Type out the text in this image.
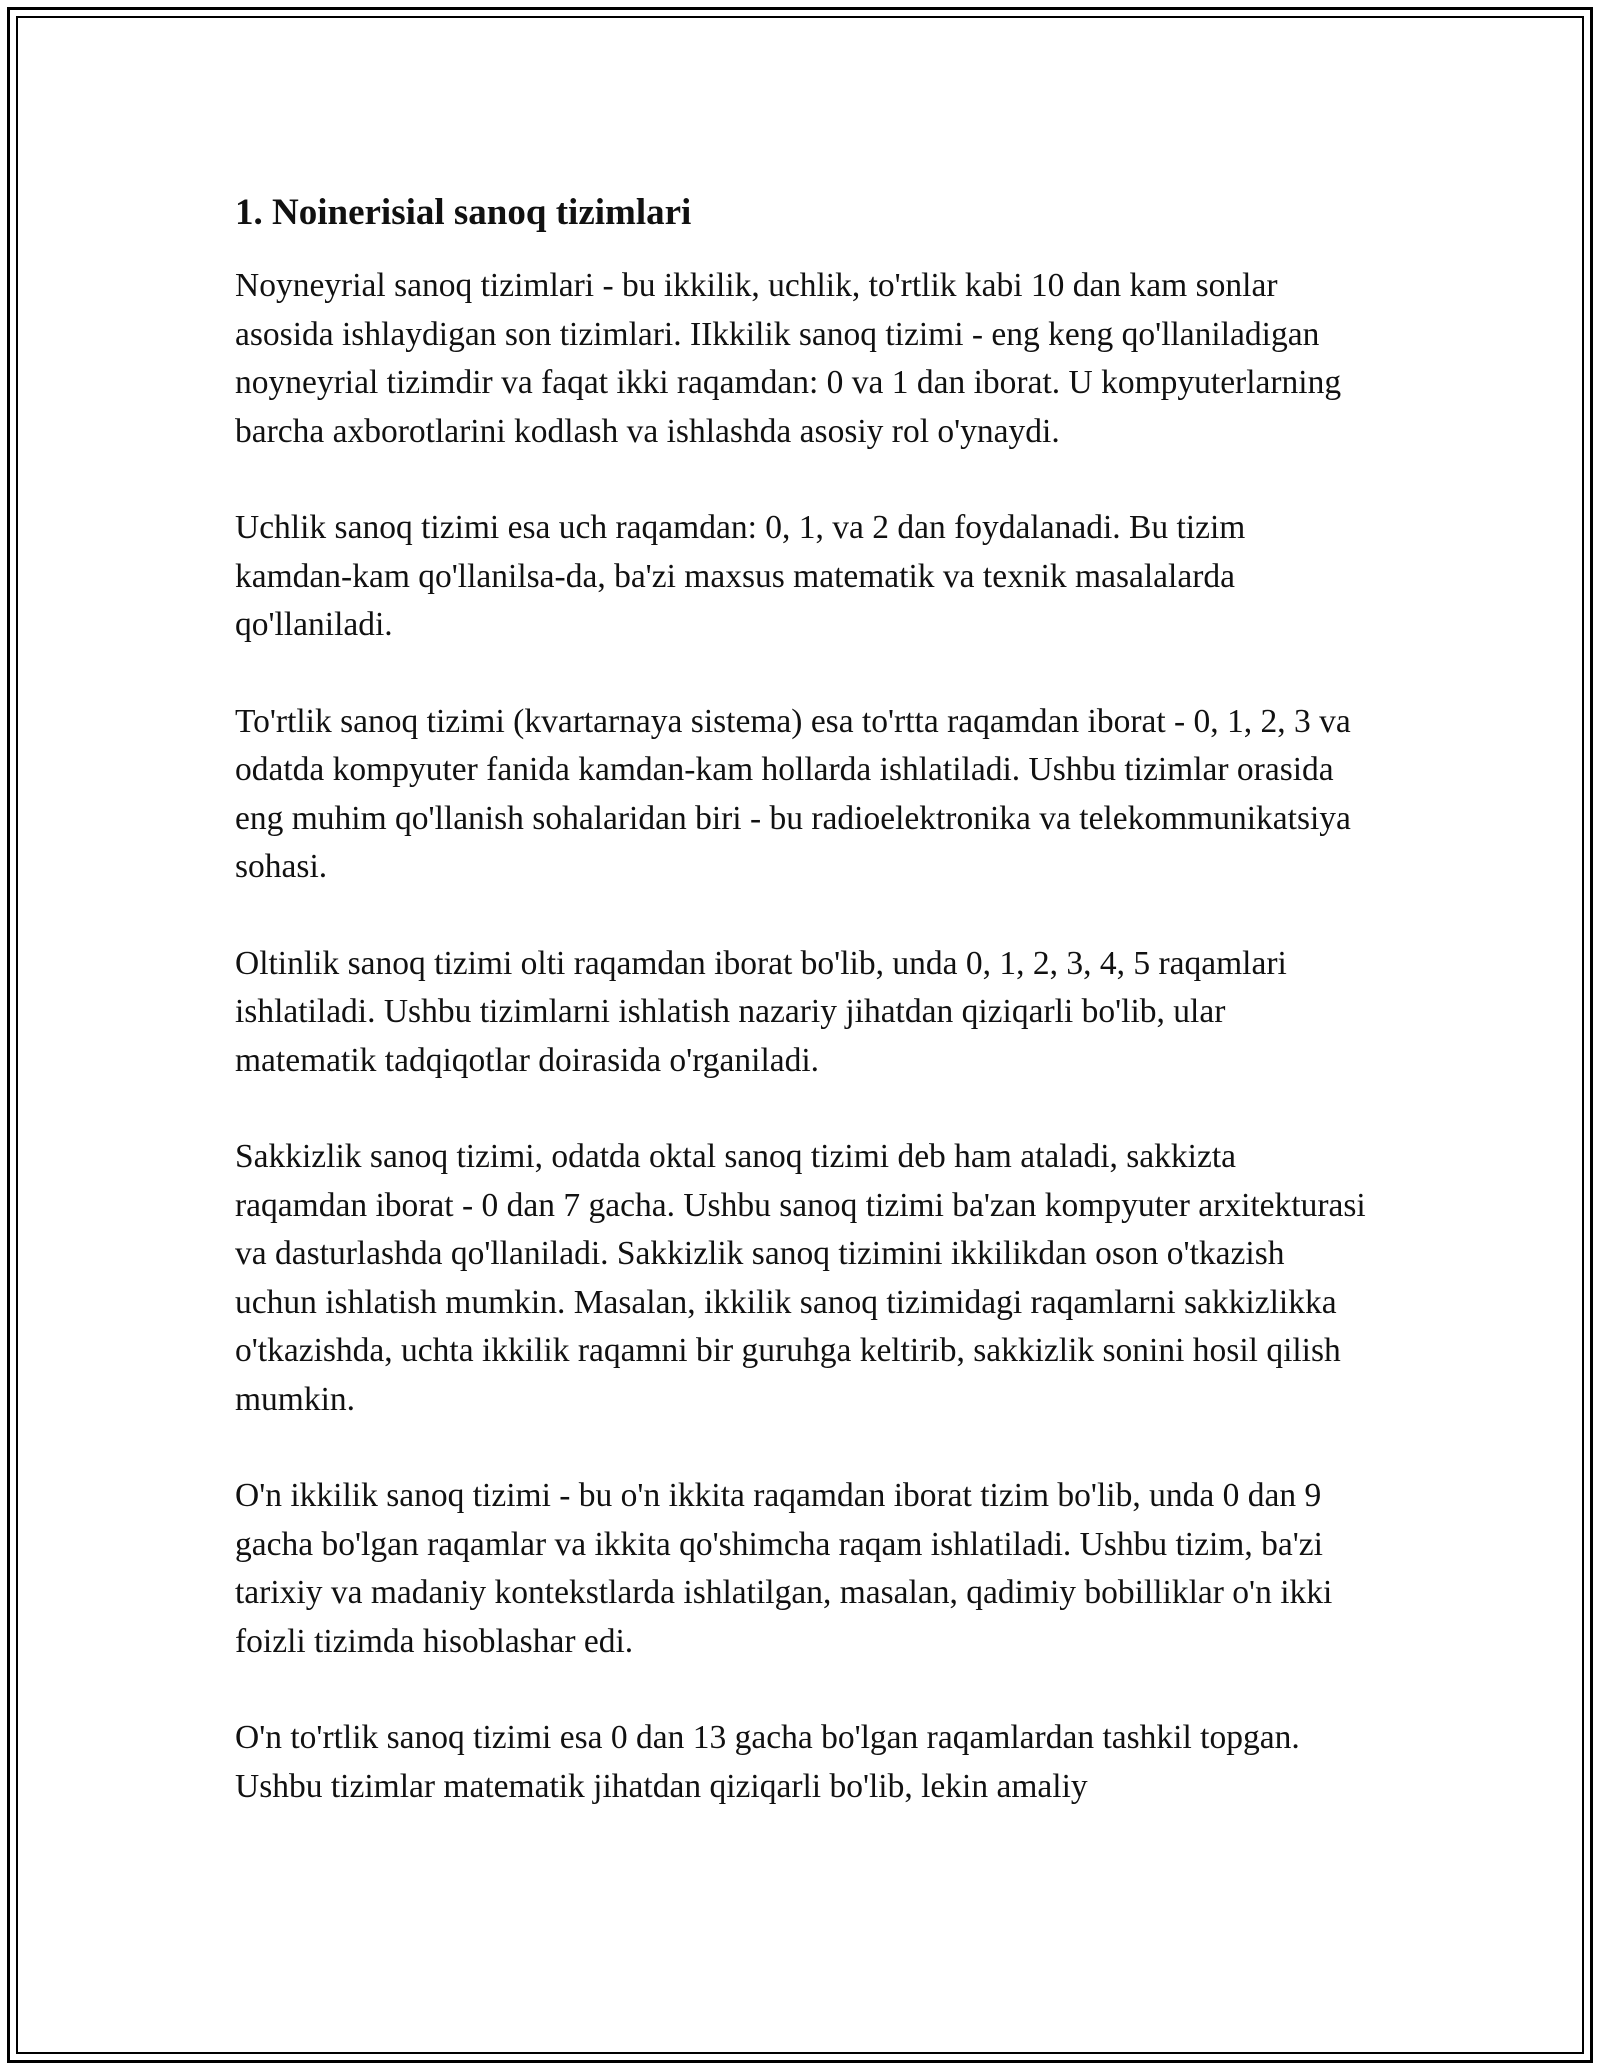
1. Noinerisial sanoq tizimlari

Noyneyrial sanoq tizimlari - bu ikkilik, uchlik, to'rtlik kabi 10 dan kam sonlar asosida ishlaydigan son tizimlari. IIkkilik sanoq tizimi - eng keng qo'llaniladigan noyneyrial tizimdir va faqat ikki raqamdan: 0 va 1 dan iborat. U kompyuterlarning barcha axborotlarini kodlash va ishlashda asosiy rol o'ynaydi.

Uchlik sanoq tizimi esa uch raqamdan: 0, 1, va 2 dan foydalanadi. Bu tizim kamdan-kam qo'llanilsa-da, ba'zi maxsus matematik va texnik masalalarda qo'llaniladi.

To'rtlik sanoq tizimi (kvartarnaya sistema) esa to'rtta raqamdan iborat - 0, 1, 2, 3 va odatda kompyuter fanida kamdan-kam hollarda ishlatiladi. Ushbu tizimlar orasida eng muhim qo'llanish sohalaridan biri - bu radioelektronika va telekommunikatsiya sohasi.

Oltinlik sanoq tizimi olti raqamdan iborat bo'lib, unda 0, 1, 2, 3, 4, 5 raqamlari ishlatiladi. Ushbu tizimlarni ishlatish nazariy jihatdan qiziqarli bo'lib, ular matematik tadqiqotlar doirasida o'rganiladi.

Sakkizlik sanoq tizimi, odatda oktal sanoq tizimi deb ham ataladi, sakkizta raqamdan iborat - 0 dan 7 gacha. Ushbu sanoq tizimi ba'zan kompyuter arxitekturasi va dasturlashda qo'llaniladi. Sakkizlik sanoq tizimini ikkilikdan oson o'tkazish uchun ishlatish mumkin. Masalan, ikkilik sanoq tizimidagi raqamlarni sakkizlikka o'tkazishda, uchta ikkilik raqamni bir guruhga keltirib, sakkizlik sonini hosil qilish mumkin.

O'n ikkilik sanoq tizimi - bu o'n ikkita raqamdan iborat tizim bo'lib, unda 0 dan 9 gacha bo'lgan raqamlar va ikkita qo'shimcha raqam ishlatiladi. Ushbu tizim, ba'zi tarixiy va madaniy kontekstlarda ishlatilgan, masalan, qadimiy bobilliklar o'n ikki foizli tizimda hisoblashar edi.

O'n to'rtlik sanoq tizimi esa 0 dan 13 gacha bo'lgan raqamlardan tashkil topgan. Ushbu tizimlar matematik jihatdan qiziqarli bo'lib, lekin amaliy
